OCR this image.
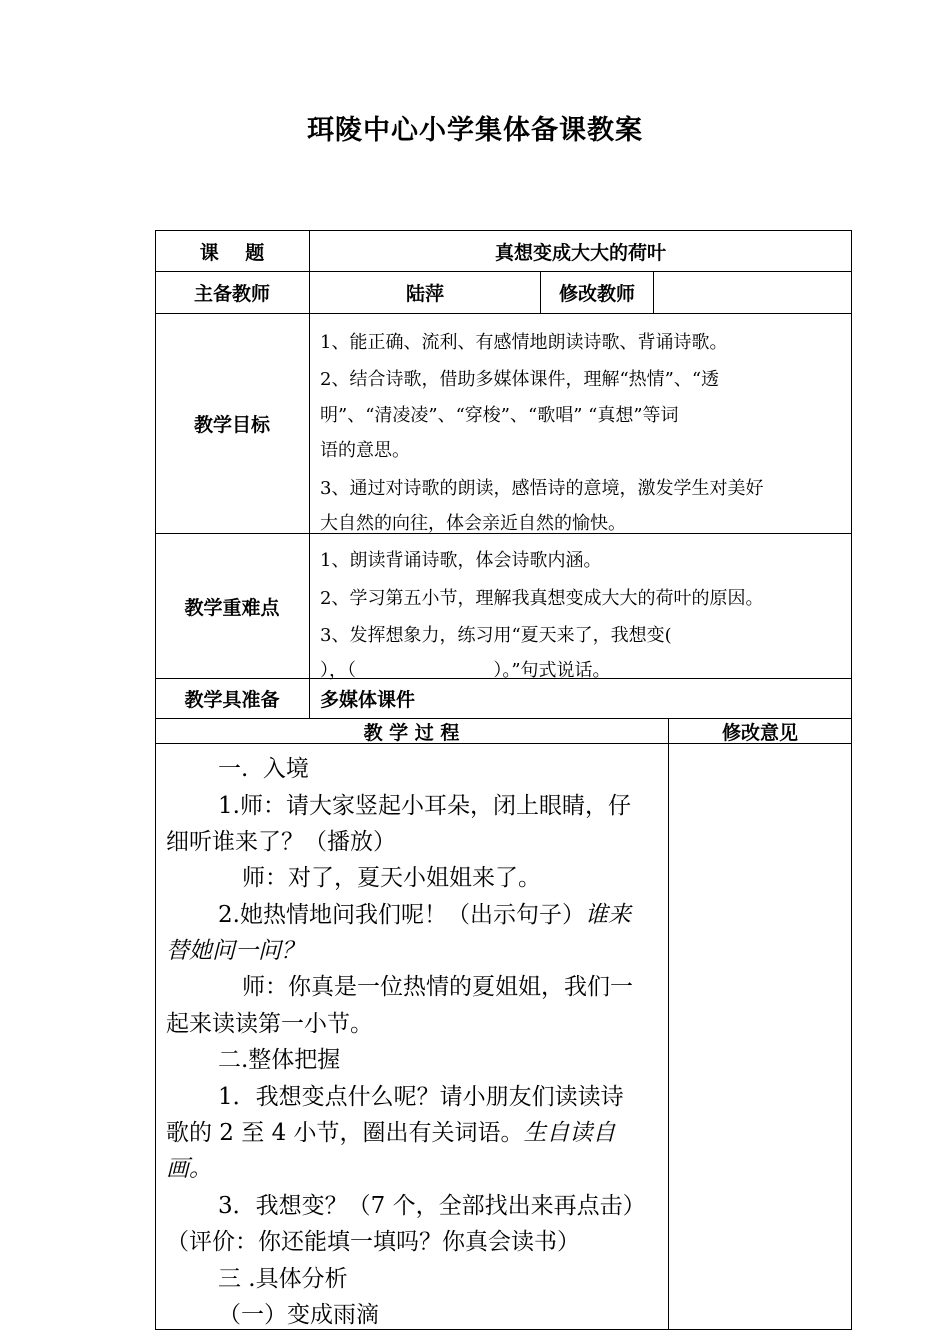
珥陵中心小学集体备课教案
课    题	真想变成大大的荷叶
主备教师	陆萍	修改教师
教学目标
1、能正确、流利、有感情地朗读诗歌、背诵诗歌。
2、结合诗歌，借助多媒体课件，理解“热情”、“透
明”、“清凌凌”、“穿梭”、“歌唱” “真想”等词
语的意思。
3、通过对诗歌的朗读，感悟诗的意境，激发学生对美好
大自然的向往，体会亲近自然的愉快。
教学重难点
1、朗读背诵诗歌，体会诗歌内涵。
2、学习第五小节，理解我真想变成大大的荷叶的原因。
3、发挥想象力，练习用“夏天来了，我想变(
），（                        ）。”句式说话。
教学具准备	多媒体课件
教 学 过 程	修改意见
一.  入境
1.师：请大家竖起小耳朵，闭上眼睛，仔
细听谁来了？（播放）
师：对了，夏天小姐姐来了。
2.她热情地问我们呢！（出示句子）谁来
替她问一问？
师：你真是一位热情的夏姐姐，我们一
起来读读第一小节。
二.整体把握
1．我想变点什么呢？请小朋友们读读诗
歌的 2 至 4 小节，圈出有关词语。生自读自
画。
3．我想变？（7 个，全部找出来再点击）
（评价：你还能填一填吗？你真会读书）
三 .具体分析
（一）变成雨滴
